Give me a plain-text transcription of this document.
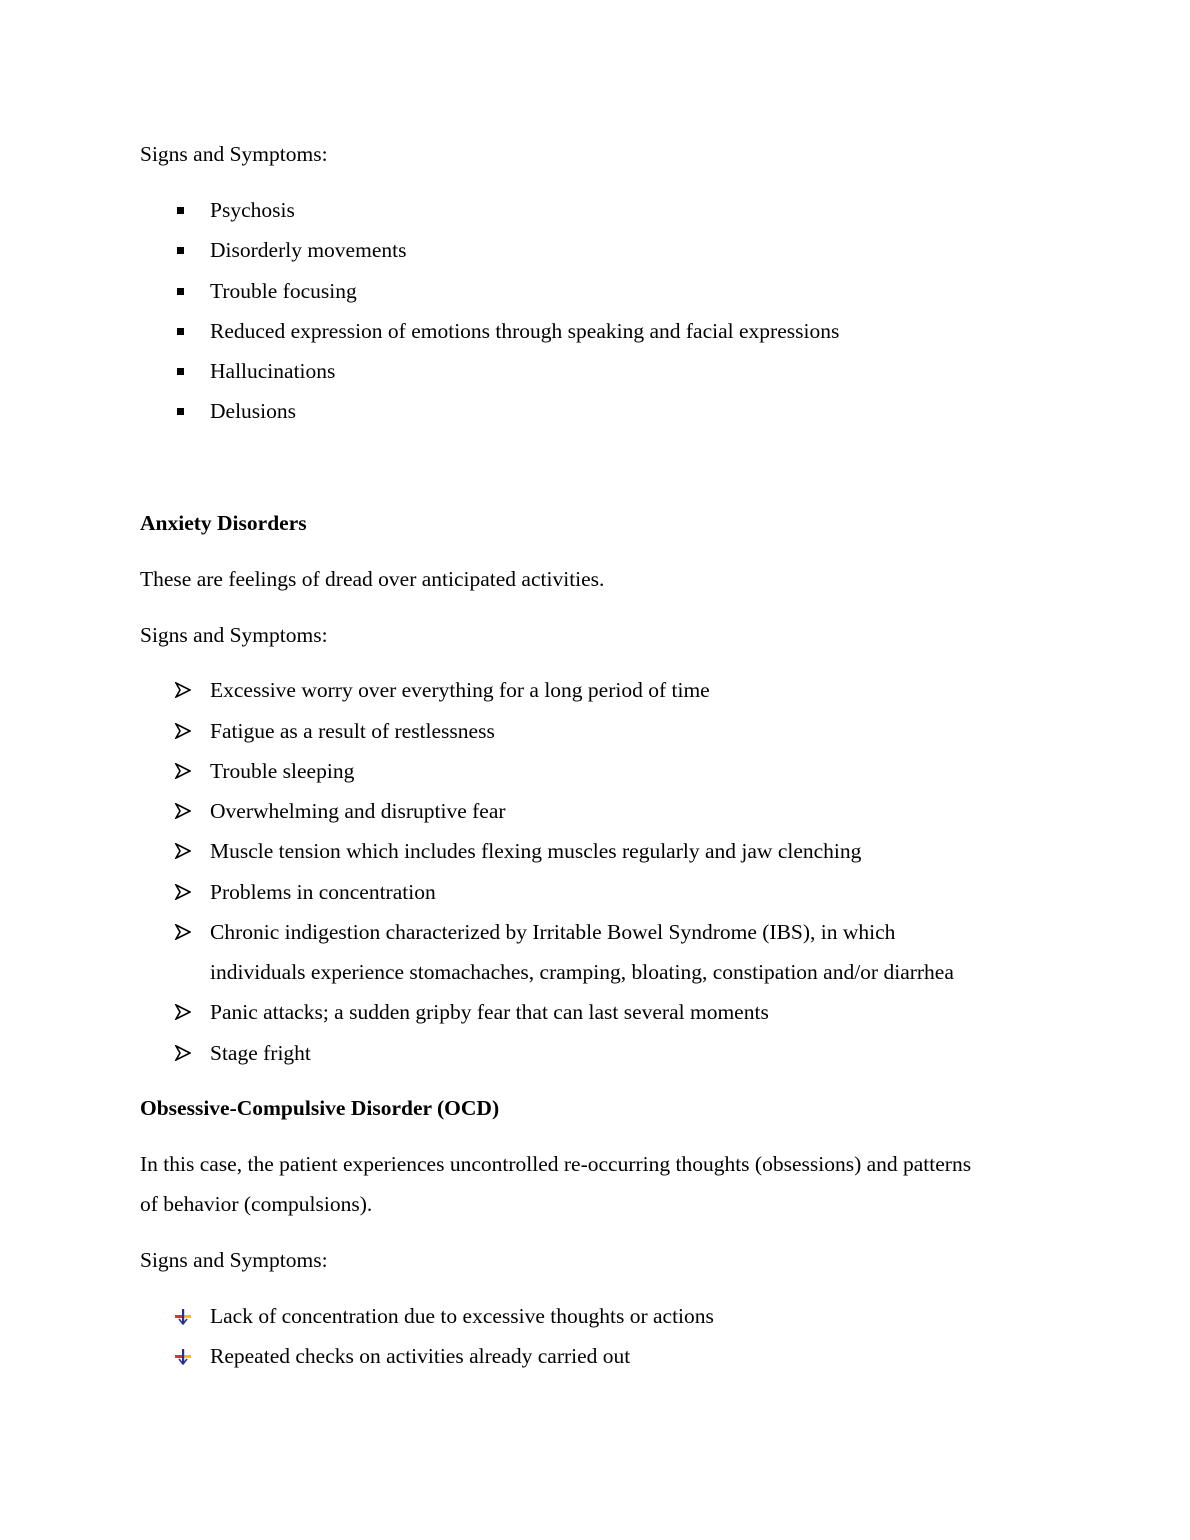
Signs and Symptoms:
Psychosis
Disorderly movements
Trouble focusing
Reduced expression of emotions through speaking and facial expressions
Hallucinations
Delusions
Anxiety Disorders
These are feelings of dread over anticipated activities.
Signs and Symptoms:
Excessive worry over everything for a long period of time
Fatigue as a result of restlessness
Trouble sleeping
Overwhelming and disruptive fear
Muscle tension which includes flexing muscles regularly and jaw clenching
Problems in concentration
Chronic indigestion characterized by Irritable Bowel Syndrome (IBS), in which
individuals experience stomachaches, cramping, bloating, constipation and/or diarrhea
Panic attacks; a sudden gripby fear that can last several moments
Stage fright
Obsessive-Compulsive Disorder (OCD)
In this case, the patient experiences uncontrolled re-occurring thoughts (obsessions) and patterns
of behavior (compulsions).
Signs and Symptoms:
Lack of concentration due to excessive thoughts or actions
Repeated checks on activities already carried out
